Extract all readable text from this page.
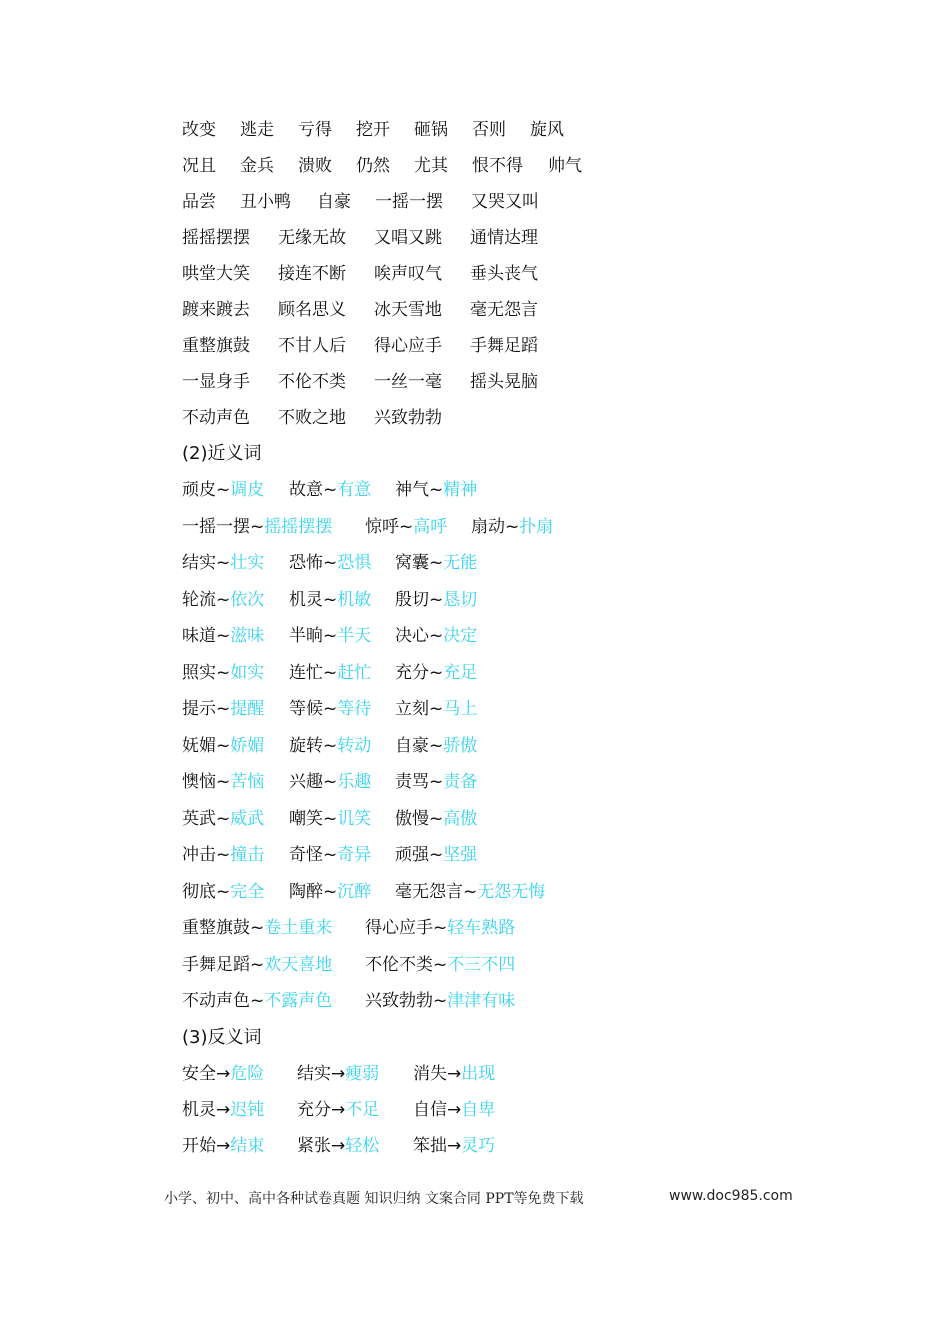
改变 逃走 亏得 挖开 砸锅 否则 旋风
况且 金兵 溃败 仍然 尤其 恨不得 帅气
品尝 丑小鸭 自豪 一摇一摆 又哭又叫
摇摇摆摆 无缘无故 又唱又跳 通情达理
哄堂大笑 接连不断 唉声叹气 垂头丧气
踱来踱去 顾名思义 冰天雪地 毫无怨言
重整旗鼓 不甘人后 得心应手 手舞足蹈
一显身手 不伦不类 一丝一毫 摇头晃脑
不动声色 不败之地 兴致勃勃
(2)近义词
顽皮~调皮 故意~有意 神气~精神
一摇一摆~摇摇摆摆 惊呼~高呼 扇动~扑扇
结实~壮实 恐怖~恐惧 窝囊~无能
轮流~依次 机灵~机敏 殷切~恳切
味道~滋味 半晌~半天 决心~决定
照实~如实 连忙~赶忙 充分~充足
提示~提醒 等候~等待 立刻~马上
妩媚~娇媚 旋转~转动 自豪~骄傲
懊恼~苦恼 兴趣~乐趣 责骂~责备
英武~威武 嘲笑~讥笑 傲慢~高傲
冲击~撞击 奇怪~奇异 顽强~坚强
彻底~完全 陶醉~沉醉 毫无怨言~无怨无悔
重整旗鼓~卷土重来 得心应手~轻车熟路
手舞足蹈~欢天喜地 不伦不类~不三不四
不动声色~不露声色 兴致勃勃~津津有味
(3)反义词
安全→危险 结实→瘦弱 消失→出现
机灵→迟钝 充分→不足 自信→自卑
开始→结束 紧张→轻松 笨拙→灵巧
小学、初中、高中各种试卷真题 知识归纳 文案合同 PPT等免费下载	www.doc985.com
